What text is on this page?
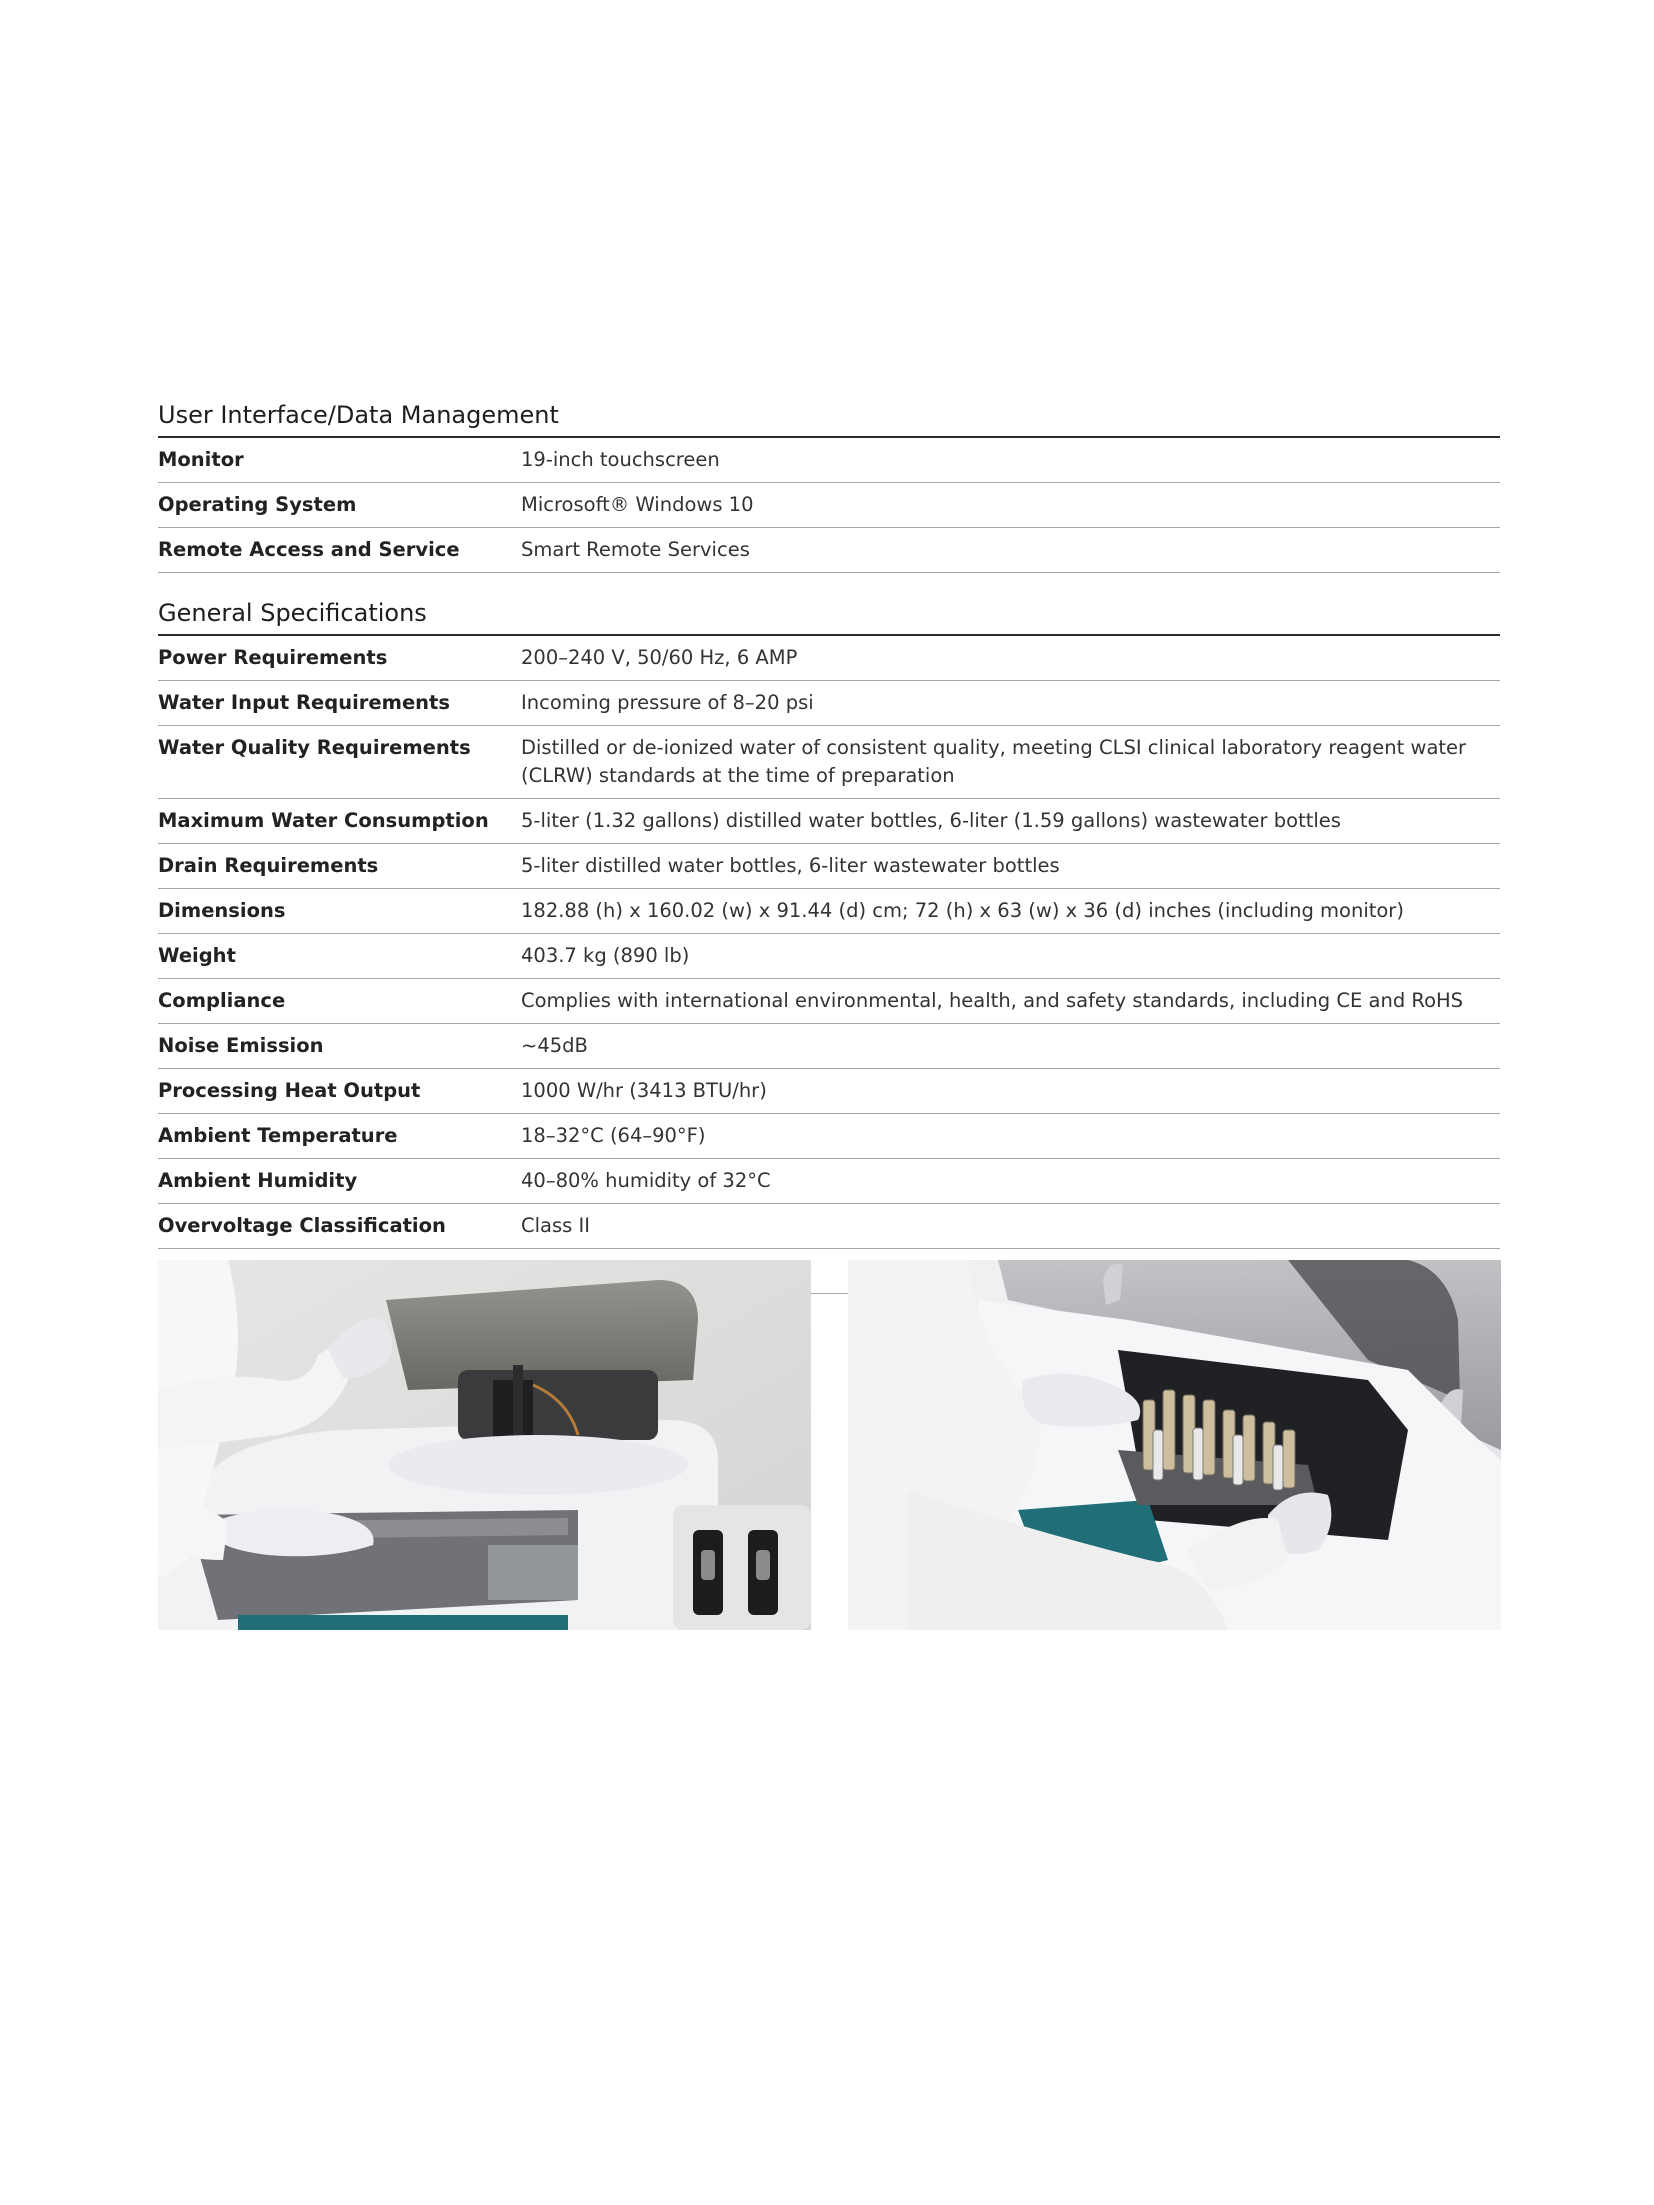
User Interface/Data Management
Monitor	19-inch touchscreen
Operating System	Microsoft® Windows 10
Remote Access and Service	Smart Remote Services
General Specifications
Power Requirements	200–240 V, 50/60 Hz, 6 AMP
Water Input Requirements	Incoming pressure of 8–20 psi
Water Quality Requirements	Distilled or de-ionized water of consistent quality, meeting CLSI clinical laboratory reagent water (CLRW) standards at the time of preparation
Maximum Water Consumption	5-liter (1.32 gallons) distilled water bottles, 6-liter (1.59 gallons) wastewater bottles
Drain Requirements	5-liter distilled water bottles, 6-liter wastewater bottles
Dimensions	182.88 (h) x 160.02 (w) x 91.44 (d) cm; 72 (h) x 63 (w) x 36 (d) inches (including monitor)
Weight	403.7 kg (890 lb)
Compliance	Complies with international environmental, health, and safety standards, including CE and RoHS
Noise Emission	~45dB
Processing Heat Output	1000 W/hr (3413 BTU/hr)
Ambient Temperature	18–32°C (64–90°F)
Ambient Humidity	40–80% humidity of 32°C
Overvoltage Classification	Class II
